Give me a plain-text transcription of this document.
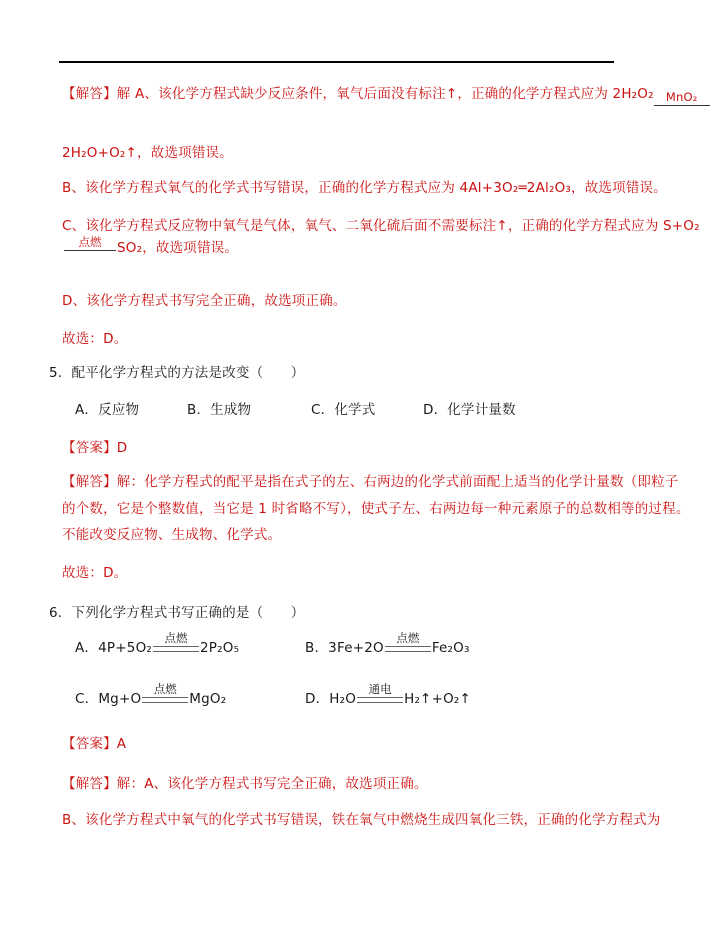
【解答】解 A、该化学方程式缺少反应条件，氧气后面没有标注↑，正确的化学方程式应为 2H₂O₂ MnO₂
2H₂O+O₂↑，故选项错误。
B、该化学方程式氧气的化学式书写错误，正确的化学方程式应为 4Al+3O₂═2Al₂O₃，故选项错误。
C、该化学方程式反应物中氧气是气体，氧气、二氧化硫后面不需要标注↑，正确的化学方程式应为 S+O₂
点燃 SO₂，故选项错误。
D、该化学方程式书写完全正确，故选项正确。
故选：D。
5．配平化学方程式的方法是改变（　　）
A．反应物	B．生成物	C．化学式	D．化学计量数
【答案】D
【解答】解：化学方程式的配平是指在式子的左、右两边的化学式前面配上适当的化学计量数（即粒子
的个数，它是个整数值，当它是 1 时省略不写），使式子左、右两边每一种元素原子的总数相等的过程。
不能改变反应物、生成物、化学式。
故选：D。
6．下列化学方程式书写正确的是（　　）
A． 4P+5O₂
点燃
2P₂O₅	B． 3Fe+2O
点燃
Fe₂O₃
C． Mg+O
点燃
MgO₂	D． H₂O
通电
H₂↑+O₂↑
【答案】A
【解答】解：A、该化学方程式书写完全正确，故选项正确。
B、该化学方程式中氧气的化学式书写错误，铁在氧气中燃烧生成四氧化三铁，正确的化学方程式为
